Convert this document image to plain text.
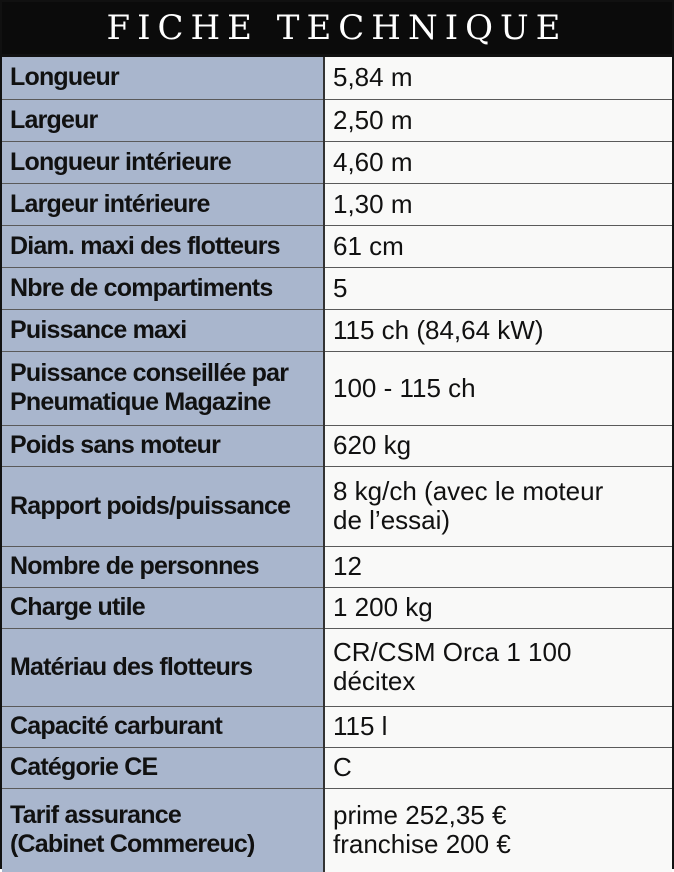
FICHE TECHNIQUE
Longueur	5,84 m
Largeur	2,50 m
Longueur intérieure	4,60 m
Largeur intérieure	1,30 m
Diam. maxi des flotteurs	61 cm
Nbre de compartiments	5
Puissance maxi	115 ch (84,64 kW)
Puissance conseillée par
Pneumatique Magazine	100 - 115 ch
Poids sans moteur	620 kg
Rapport poids/puissance	8 kg/ch (avec le moteur
de l’essai)
Nombre de personnes	12
Charge utile	1 200 kg
Matériau des flotteurs	CR/CSM Orca 1 100
décitex
Capacité carburant	115 l
Catégorie CE	C
Tarif assurance
(Cabinet Commereuc)	prime 252,35 €
franchise 200 €
